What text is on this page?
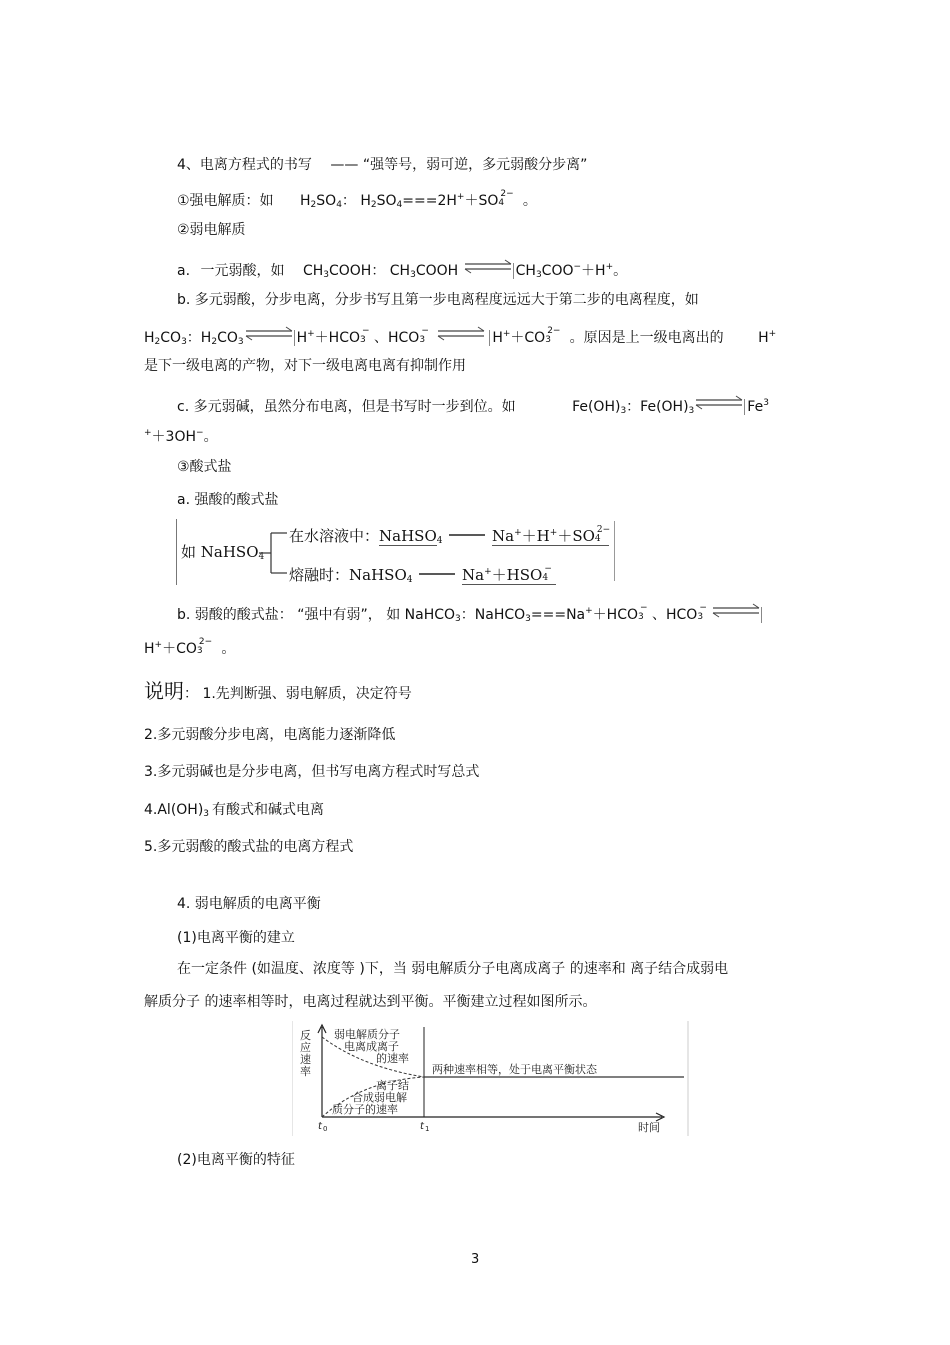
4、电离方程式的书写 —— “强等号，弱可逆，多元弱酸分步离”
①强电解质：如 $H_2SO_4$： $H_2SO_4===2H^++SO$ 2−
4 。
②弱电解质
a. 一元弱酸，如 $CH_3COOH$： $CH_3COOH$ ⇌ $CH_3COO^-+H^+$。
b. 多元弱酸，分步电离，分步书写且第一步电离程度远远大于第二步的电离程度，如
$H_2CO_3$：$H_2CO_3\rightleftharpoons$ H+＋HCO −
3 、HCO −
3 ⇌ H+＋CO 2−
3 。原因是上一级电离出的 H+
是下一级电离的产物，对下一级电离电离有抑制作用
c. 多元弱碱，虽然分布电离，但是书写时一步到位。如	$Fe(OH)_3$：$Fe(OH)_3\rightleftharpoons$ Fe$^3$
+＋3OH−。
③酸式盐
a. 强酸的酸式盐
如 NaHSO$_4$
在水溶液中：NaHSO$_4$	Na+＋H+＋SO 2−
4
熔融时：NaHSO$_4$	Na+＋HSO −
4
b. 弱酸的酸式盐： “强中有弱”， 如 NaHCO$_3$：NaHCO$_3$===Na+＋HCO −
3 、HCO −
3 ⇌
H+＋CO 2−
3 。
说明： 1.先判断强、弱电解质，决定符号
2.多元弱酸分步电离，电离能力逐渐降低
3.多元弱碱也是分步电离，但书写电离方程式时写总式
$4.Al(OH)_3$ 有酸式和碱式电离
5.多元弱酸的酸式盐的电离方程式
4. 弱电解质的电离平衡
(1)电离平衡的建立
在一定条件 (如温度、浓度等 )下，当 弱电解质分子电离成离子 的速率和 离子结合成弱电
解质分子 的速率相等时，电离过程就达到平衡。平衡建立过程如图所示。
反
应
速
率
弱电解质分子
电离成离子
的速率
两种速率相等，处于电离平衡状态
离子结
合成弱电解
质分子的速率
t 0	t 1	时间
(2)电离平衡的特征
3
